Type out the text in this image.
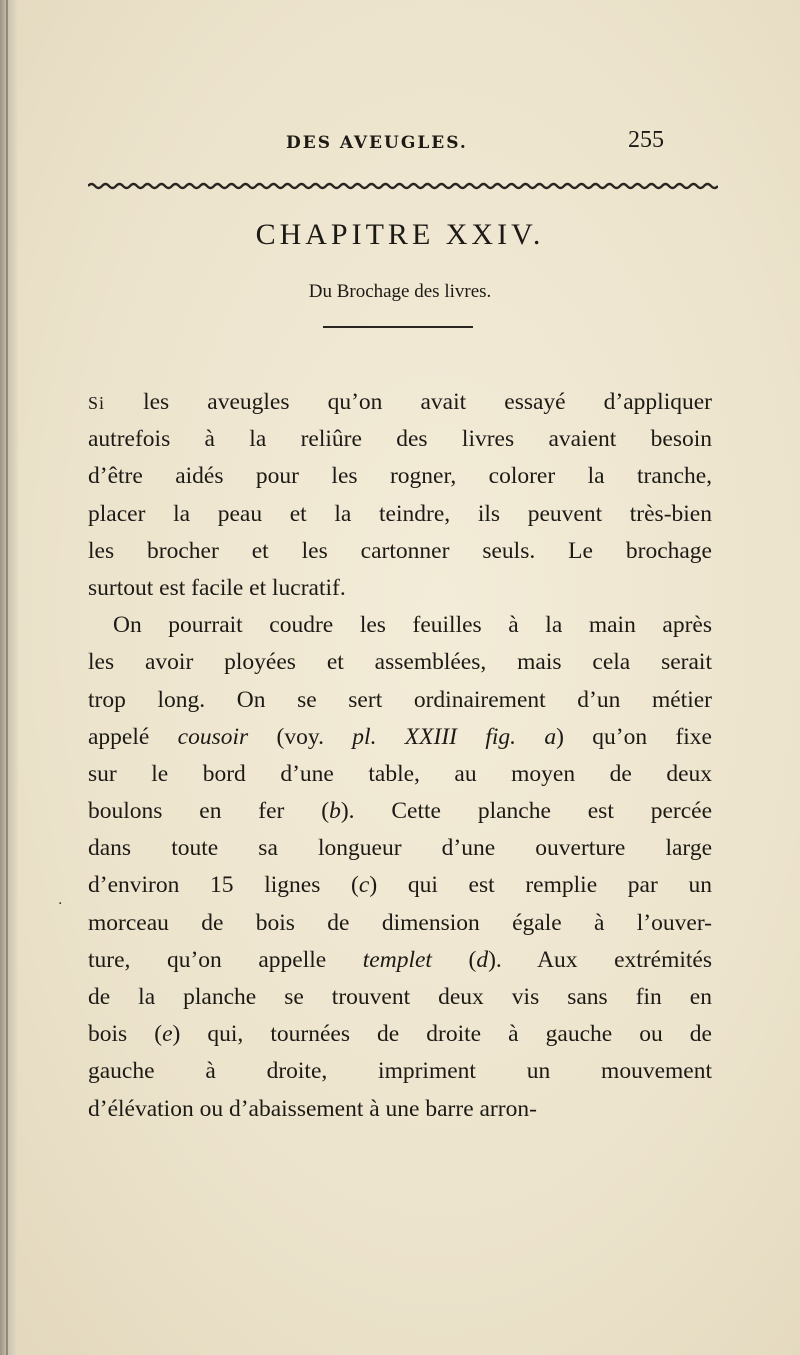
DES AVEUGLES.	255
CHAPITRE XXIV.
Du Brochage des livres.
·
Si les aveugles qu’on avait essayé d’appliquer
autrefois à la reliûre des livres avaient besoin
d’être aidés pour les rogner, colorer la tranche,
placer la peau et la teindre, ils peuvent très-bien
les brocher et les cartonner seuls. Le brochage
surtout est facile et lucratif.
On pourrait coudre les feuilles à la main après
les avoir ployées et assemblées, mais cela serait
trop long. On se sert ordinairement d’un métier
appelé cousoir (voy. pl. XXIII fig. a) qu’on fixe
sur le bord d’une table, au moyen de deux
boulons en fer (b). Cette planche est percée
dans toute sa longueur d’une ouverture large
d’environ 15 lignes (c) qui est remplie par un
morceau de bois de dimension égale à l’ouver-
ture, qu’on appelle templet (d). Aux extrémités
de la planche se trouvent deux vis sans fin en
bois (e) qui, tournées de droite à gauche ou de
gauche à droite, impriment un mouvement
d’élévation ou d’abaissement à une barre arron-
